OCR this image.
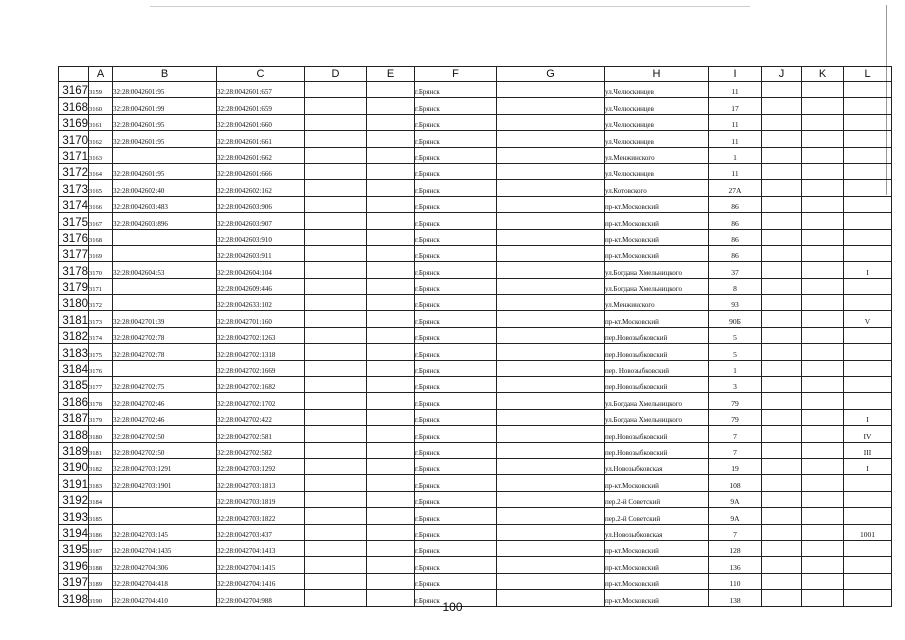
	A	B	C	D	E	F	G	H	I	J	K	L
3167	3159	32:28:0042601:95	32:28:0042601:657			г.Брянск		ул.Челюскинцев	11			
3168	3160	32:28:0042601:99	32:28:0042601:659			г.Брянск		ул.Челюскинцев	17			
3169	3161	32:28:0042601:95	32:28:0042601:660			г.Брянск		ул.Челюскинцев	11			
3170	3162	32:28:0042601:95	32:28:0042601:661			г.Брянск		ул.Челюскинцев	11			
3171	3163		32:28:0042601:662			г.Брянск		ул.Менжинского	1			
3172	3164	32:28:0042601:95	32:28:0042601:666			г.Брянск		ул.Челюскинцев	11			
3173	3165	32:28:0042602:40	32:28:0042602:162			г.Брянск		ул.Котовского	27А			
3174	3166	32:28:0042603:483	32:28:0042603:906			г.Брянск		пр-кт.Московский	86			
3175	3167	32:28:0042603:896	32:28:0042603:907			г.Брянск		пр-кт.Московский	86			
3176	3168		32:28:0042603:910			г.Брянск		пр-кт.Московский	86			
3177	3169		32:28:0042603:911			г.Брянск		пр-кт.Московский	86			
3178	3170	32:28:0042604:53	32:28:0042604:104			г.Брянск		ул.Богдана Хмельницкого	37			I
3179	3171		32:28:0042609:446			г.Брянск		ул.Богдана Хмельницкого	8			
3180	3172		32:28:0042633:102			г.Брянск		ул.Менжинского	93			
3181	3173	32:28:0042701:39	32:28:0042701:160			г.Брянск		пр-кт.Московский	90Б			V
3182	3174	32:28:0042702:78	32:28:0042702:1263			г.Брянск		пер.Новозыбковский	5			
3183	3175	32:28:0042702:78	32:28:0042702:1318			г.Брянск		пер.Новозыбковский	5			
3184	3176		32:28:0042702:1669			г.Брянск		пер. Новозыбковский	1			
3185	3177	32:28:0042702:75	32:28:0042702:1682			г.Брянск		пер.Новозыбковский	3			
3186	3178	32:28:0042702:46	32:28:0042702:1702			г.Брянск		ул.Богдана Хмельницкого	79			
3187	3179	32:28:0042702:46	32:28:0042702:422			г.Брянск		ул.Богдана Хмельницкого	79			I
3188	3180	32:28:0042702:50	32:28:0042702:581			г.Брянск		пер.Новозыбковский	7			IV
3189	3181	32:28:0042702:50	32:28:0042702:582			г.Брянск		пер.Новозыбковский	7			III
3190	3182	32:28:0042703:1291	32:28:0042703:1292			г.Брянск		ул.Новозыбковская	19			I
3191	3183	32:28:0042703:1901	32:28:0042703:1813			г.Брянск		пр-кт.Московский	108			
3192	3184		32:28:0042703:1819			г.Брянск		пер.2-й Советский	9А			
3193	3185		32:28:0042703:1822			г.Брянск		пер.2-й Советский	9А			
3194	3186	32:28:0042703:145	32:28:0042703:437			г.Брянск		ул.Новозыбковская	7			1001
3195	3187	32:28:0042704:1435	32:28:0042704:1413			г.Брянск		пр-кт.Московский	128			
3196	3188	32:28:0042704:306	32:28:0042704:1415			г.Брянск		пр-кт.Московский	136			
3197	3189	32:28:0042704:418	32:28:0042704:1416			г.Брянск		пр-кт.Московский	110			
3198	3190	32:28:0042704:410	32:28:0042704:988			г.Брянск		пр-кт.Московский	138			
100
